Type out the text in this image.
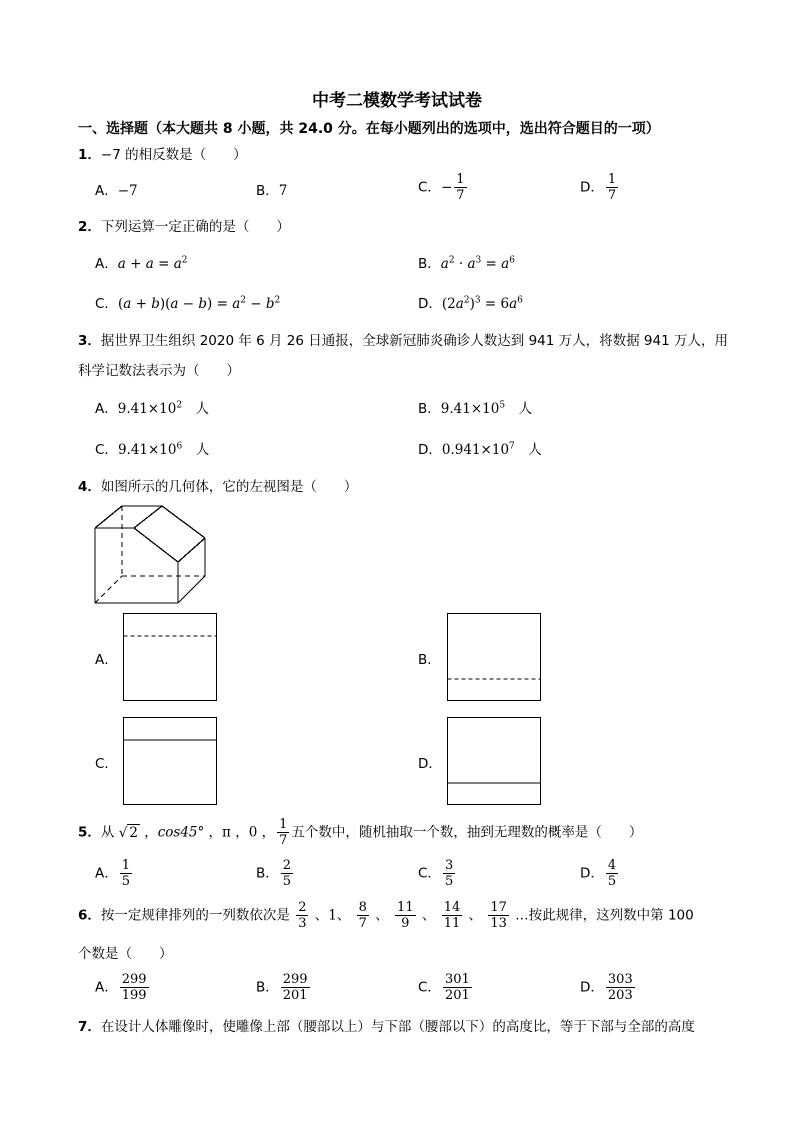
中考二模数学考试试卷
一、选择题（本大题共 8 小题，共 24.0 分。在每小题列出的选项中，选出符合题目的一项）
1．−7 的相反数是（　　）
A．−7	B．7	C．− $\frac{1}{7}$	D． $\frac{1}{7}$
2．下列运算一定正确的是（　　）
A．$a + a = a^2$	B．$a^2 \cdot a^3 = a^6$
C．$(a + b)(a - b) = a^2 - b^2$	D．$(2a^2)^3 = 6a^6$
3．据世界卫生组织 2020 年 6 月 26 日通报，全球新冠肺炎确诊人数达到 941 万人，将数据 941 万人，用
科学记数法表示为（　　）
A．$9.41\times 10^2$　 人	B．$9.41\times 10^5$　 人
C．$9.41\times 10^6$　 人	D．$0.941\times 10^7$　 人
4．如图所示的几何体，它的左视图是（　　）
A．	B．
C．	D．
5．从 √ 2 ，cos45° ，π ，0 ， $\frac{1}{7}$ 五个数中，随机抽取一个数，抽到无理数的概率是（　　）
A． $\frac{1}{5}$	B． $\frac{2}{5}$	C． $\frac{3}{5}$	D． $\frac{4}{5}$
6．按一定规律排列的一列数依次是 $\frac{2}{3}$ 、1、 $\frac{8}{7}$ 、 $\frac{11}{9}$ 、 $\frac{14}{11}$ 、 $\frac{17}{13}$ …按此规律，这列数中第 100
个数是（　　）
A． $\frac{299}{199}$	B． $\frac{299}{201}$	C． $\frac{301}{201}$	D． $\frac{303}{203}$
7．在设计人体雕像时，使雕像上部（腰部以上）与下部（腰部以下）的高度比，等于下部与全部的高度
